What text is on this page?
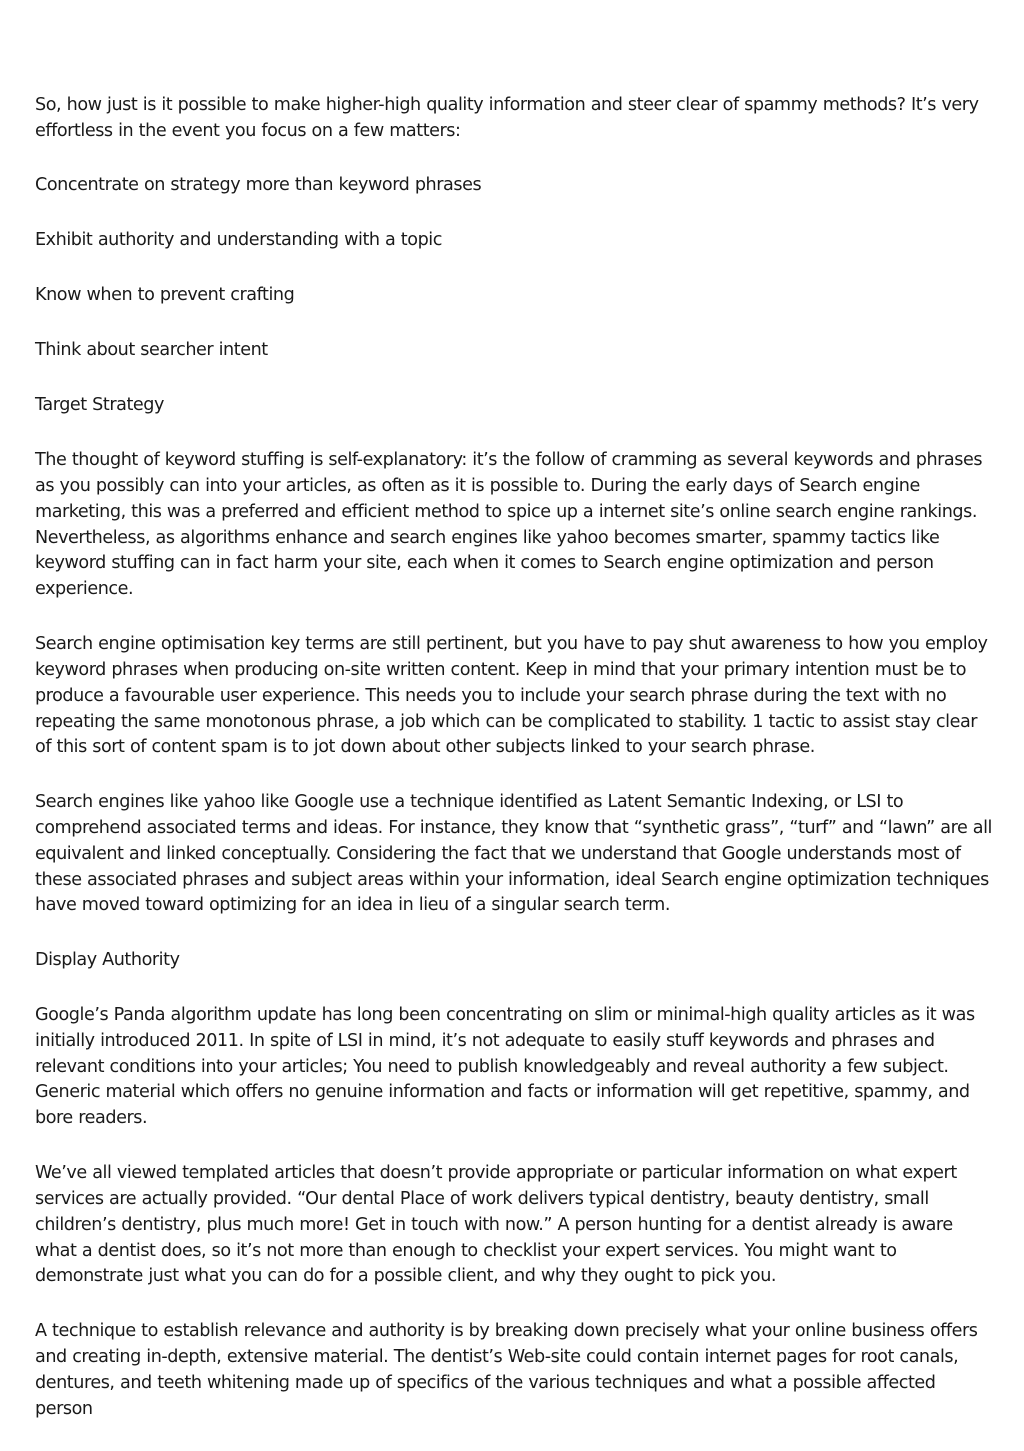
So, how just is it possible to make higher-high quality information and steer clear of spammy methods? It’s very effortless in the event you focus on a few matters:

Concentrate on strategy more than keyword phrases

Exhibit authority and understanding with a topic

Know when to prevent crafting

Think about searcher intent

Target Strategy

The thought of keyword stuffing is self-explanatory: it’s the follow of cramming as several keywords and phrases as you possibly can into your articles, as often as it is possible to. During the early days of Search engine marketing, this was a preferred and efficient method to spice up a internet site’s online search engine rankings. Nevertheless, as algorithms enhance and search engines like yahoo becomes smarter, spammy tactics like keyword stuffing can in fact harm your site, each when it comes to Search engine optimization and person experience.

Search engine optimisation key terms are still pertinent, but you have to pay shut awareness to how you employ keyword phrases when producing on-site written content. Keep in mind that your primary intention must be to produce a favourable user experience. This needs you to include your search phrase during the text with no repeating the same monotonous phrase, a job which can be complicated to stability. 1 tactic to assist stay clear of this sort of content spam is to jot down about other subjects linked to your search phrase.

Search engines like yahoo like Google use a technique identified as Latent Semantic Indexing, or LSI to comprehend associated terms and ideas. For instance, they know that “synthetic grass”, “turf” and “lawn” are all equivalent and linked conceptually. Considering the fact that we understand that Google understands most of these associated phrases and subject areas within your information, ideal Search engine optimization techniques have moved toward optimizing for an idea in lieu of a singular search term.

Display Authority

Google’s Panda algorithm update has long been concentrating on slim or minimal-high quality articles as it was initially introduced 2011. In spite of LSI in mind, it’s not adequate to easily stuff keywords and phrases and relevant conditions into your articles; You need to publish knowledgeably and reveal authority a few subject. Generic material which offers no genuine information and facts or information will get repetitive, spammy, and bore readers.

We’ve all viewed templated articles that doesn’t provide appropriate or particular information on what expert services are actually provided. “Our dental Place of work delivers typical dentistry, beauty dentistry, small children’s dentistry, plus much more! Get in touch with now.” A person hunting for a dentist already is aware what a dentist does, so it’s not more than enough to checklist your expert services. You might want to demonstrate just what you can do for a possible client, and why they ought to pick you.

A technique to establish relevance and authority is by breaking down precisely what your online business offers and creating in-depth, extensive material. The dentist’s Web-site could contain internet pages for root canals, dentures, and teeth whitening made up of specifics of the various techniques and what a possible affected person
